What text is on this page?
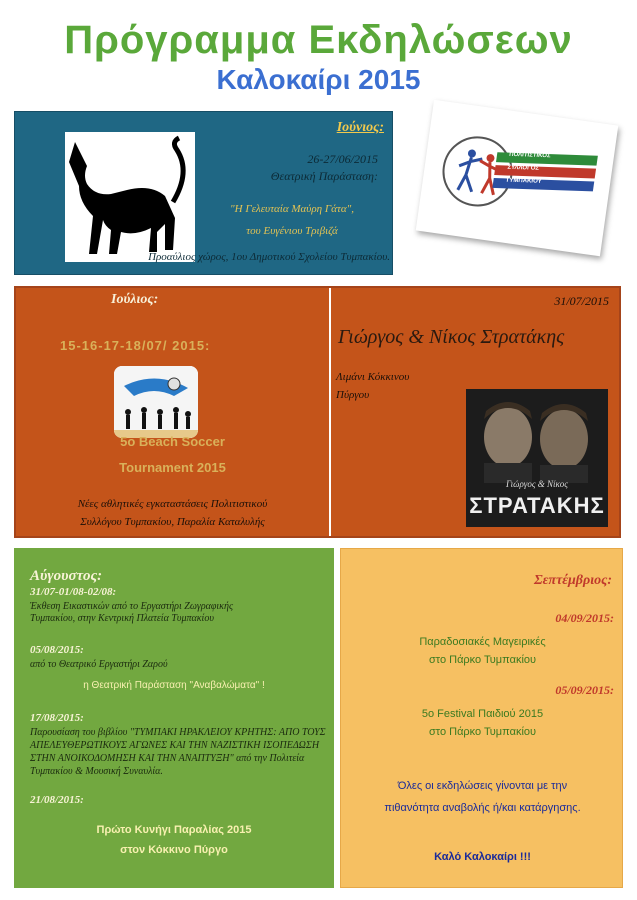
Πρόγραμμα Εκδηλώσεων
Καλοκαίρι 2015
Ιούνιος:
26-27/06/2015
Θεατρική Παράσταση:
"Η Γελευταία Μαύρη Γάτα",
του Ευγένιου Τριβιζά
Προαύλιος χώρος, 1ου Δημοτικού Σχολείου Τυμπακίου.
ΠΟΛΙΤΙΣΤΙΚΟΣ
ΣΥΛΛΟΓΟΣ
ΤΥΜΠΑΚΙΟΥ
Ιούλιος:
15-16-17-18/07/ 2015:
5o Beach Soccer
Tournament 2015
Νέες αθλητικές εγκαταστάσεις Πολιτιστικού
Συλλόγου Τυμπακίου, Παραλία Καταλυλής
31/07/2015
Γιώργος & Νίκος Στρατάκης
Λιμάνι Κόκκινου
Πύργου
Γιώργος & Νίκος
ΣΤΡΑΤΑΚΗΣ
Αύγουστος:
31/07-01/08-02/08:
Έκθεση Εικαστικών από το Εργαστήρι Ζωγραφικής
Τυμπακίου, στην Κεντρική Πλατεία Τυμπακίου
05/08/2015:
από το Θεατρικό Εργαστήρι Ζαρού
η Θεατρική Παράσταση "Αναβαλώματα" !
17/08/2015:
Παρουσίαση του βιβλίου "ΤΥΜΠΑΚΙ ΗΡΑΚΛΕΙΟΥ ΚΡΗΤΗΣ: ΑΠΟ ΤΟΥΣ ΑΠΕΛΕΥΘΕΡΩΤΙΚΟΥΣ ΑΓΩΝΕΣ ΚΑΙ ΤΗΝ ΝΑΖΙΣΤΙΚΗ ΙΣΟΠΕΔΩΣΗ ΣΤΗΝ ΑΝΟΙΚΟΔΟΜΗΣΗ ΚΑΙ ΤΗΝ ΑΝΑΠΤΥΞΗ" από την Πολιτεία Τυμπακίου & Μουσική Συναυλία.
21/08/2015:
Πρώτο Κυνήγι Παραλίας 2015
στον Κόκκινο Πύργο
Σεπτέμβριος:
04/09/2015:
Παραδοσιακές Μαγειρικές
στο Πάρκο Τυμπακίου
05/09/2015:
5ο Festival Παιδιού 2015
στο Πάρκο Τυμπακίου
Όλες οι εκδηλώσεις γίνονται με την
πιθανότητα αναβολής ή/και κατάργησης.
Καλό Καλοκαίρι !!!
